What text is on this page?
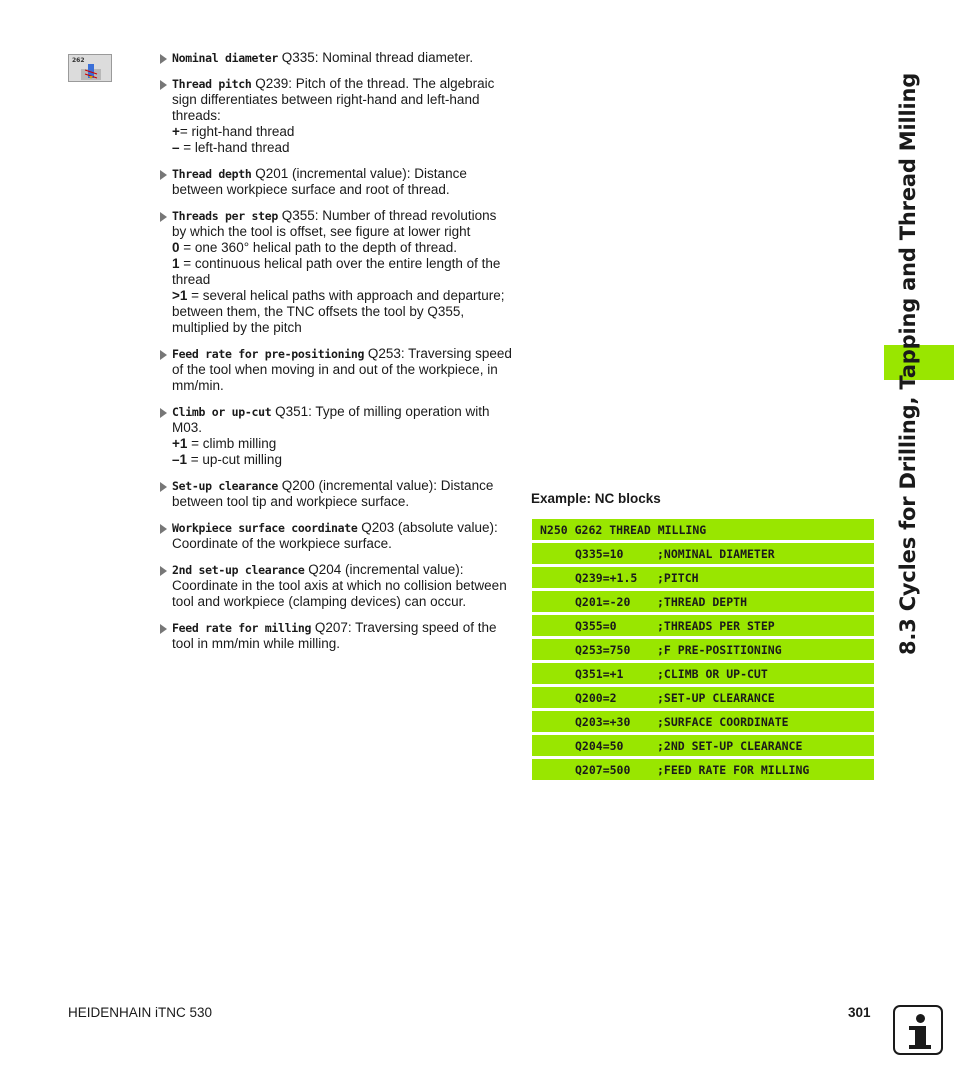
262	Nominal diameter Q335: Nominal thread diameter.
Thread pitch Q239: Pitch of the thread. The algebraic sign differentiates between right-hand and left-hand threads:
+= right-hand thread
– = left-hand thread
Thread depth Q201 (incremental value): Distance between workpiece surface and root of thread.
Threads per step Q355: Number of thread revolutions by which the tool is offset, see figure at lower right
0 = one 360° helical path to the depth of thread.
1 = continuous helical path over the entire length of the thread
>1 = several helical paths with approach and departure; between them, the TNC offsets the tool by Q355, multiplied by the pitch
Feed rate for pre-positioning Q253: Traversing speed of the tool when moving in and out of the workpiece, in mm/min.
Climb or up-cut Q351: Type of milling operation with M03.
+1 = climb milling
–1 = up-cut milling
Set-up clearance Q200 (incremental value): Distance between tool tip and workpiece surface.
Workpiece surface coordinate Q203 (absolute value): Coordinate of the workpiece surface.
2nd set-up clearance Q204 (incremental value): Coordinate in the tool axis at which no collision between tool and workpiece (clamping devices) can occur.
Feed rate for milling Q207: Traversing speed of the tool in mm/min while milling.
Example: NC blocks
N250 G262 THREAD MILLING
Q335=10	;NOMINAL DIAMETER
Q239=+1.5	;PITCH
Q201=-20	;THREAD DEPTH
Q355=0	;THREADS PER STEP
Q253=750	;F PRE-POSITIONING
Q351=+1	;CLIMB OR UP-CUT
Q200=2	;SET-UP CLEARANCE
Q203=+30	;SURFACE COORDINATE
Q204=50	;2ND SET-UP CLEARANCE
Q207=500	;FEED RATE FOR MILLING
8.3 Cycles for Drilling, Tapping and Thread Milling
HEIDENHAIN iTNC 530	301
